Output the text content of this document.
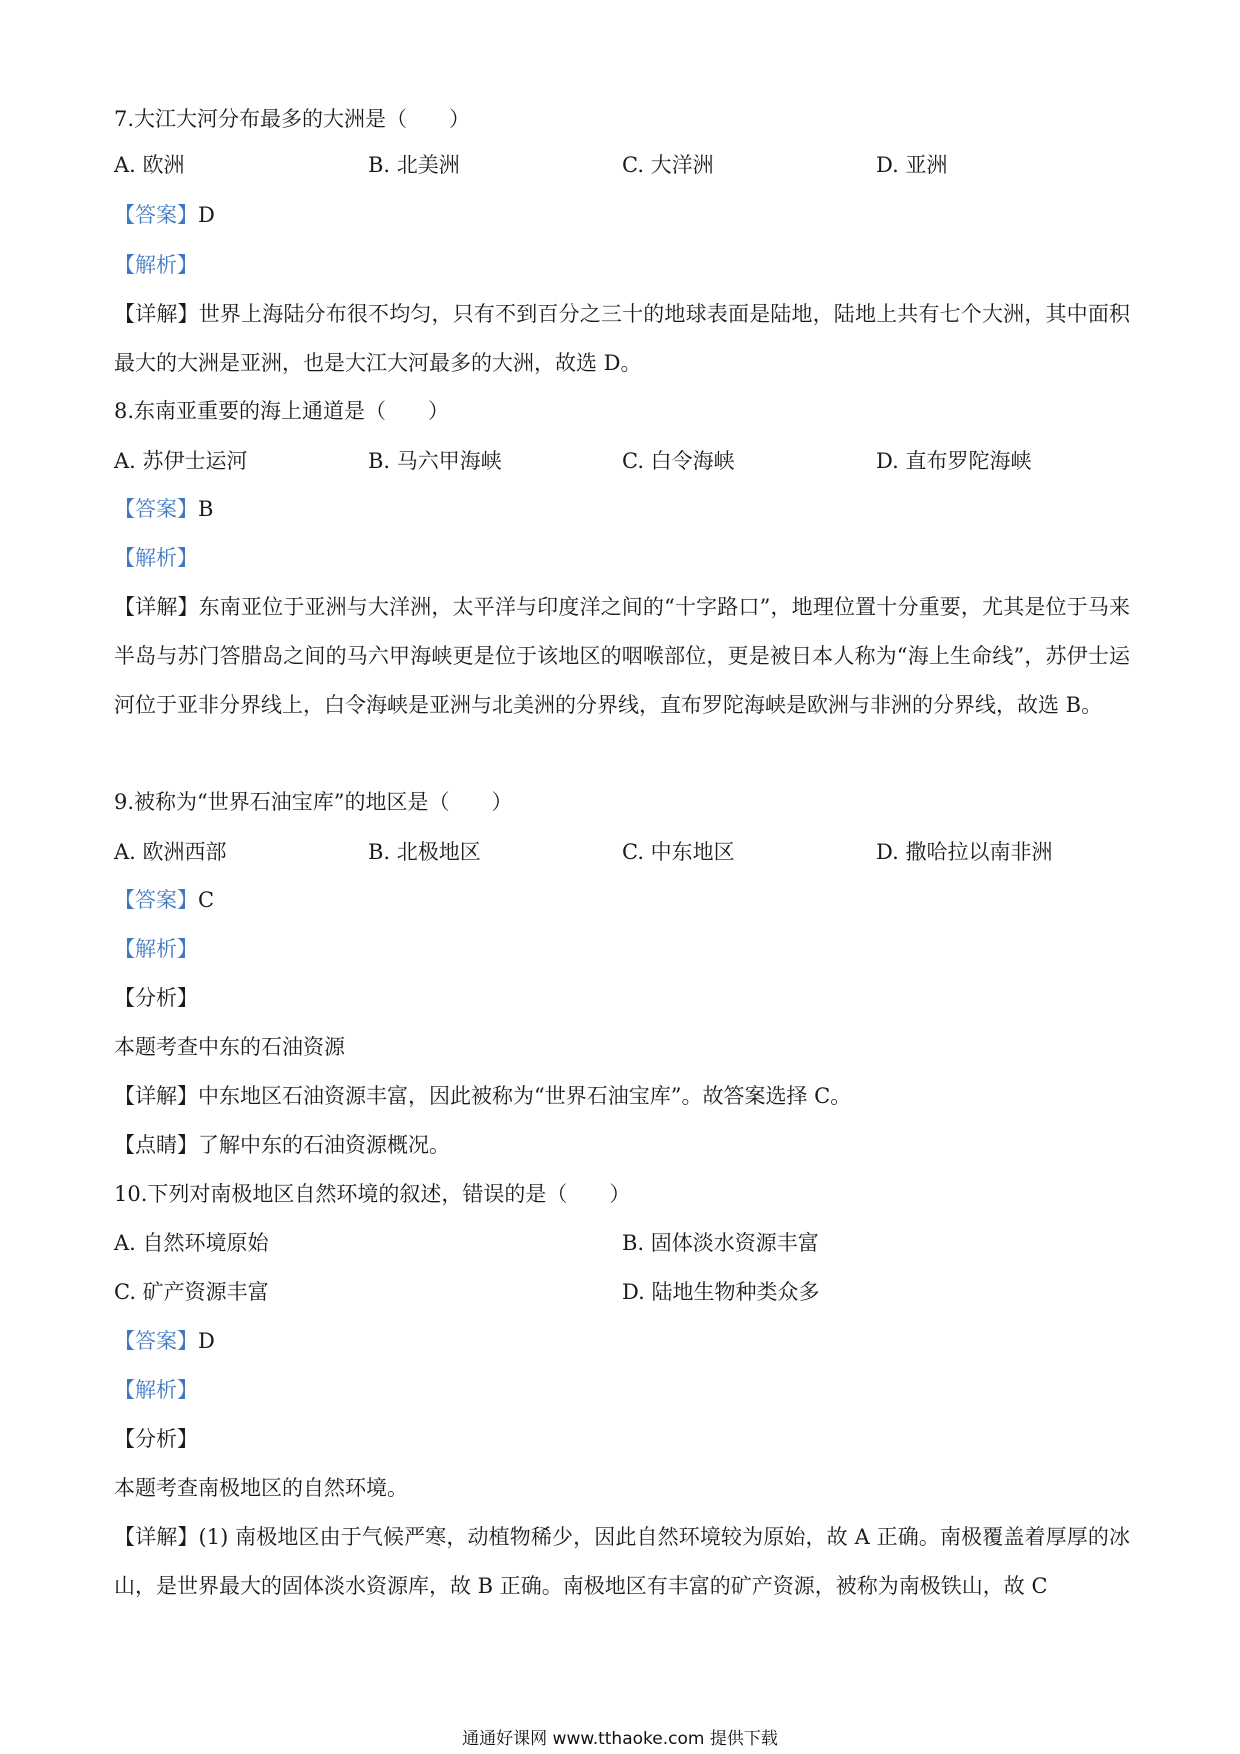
7.大江大河分布最多的大洲是（　　）
A. 欧洲	B. 北美洲	C. 大洋洲	D. 亚洲
【答案】D
【解析】
【详解】世界上海陆分布很不均匀，只有不到百分之三十的地球表面是陆地，陆地上共有七个大洲，其中面积最大的大洲是亚洲，也是大江大河最多的大洲，故选 D。
8.东南亚重要的海上通道是（　　）
A. 苏伊士运河	B. 马六甲海峡	C. 白令海峡	D. 直布罗陀海峡
【答案】B
【解析】
【详解】东南亚位于亚洲与大洋洲，太平洋与印度洋之间的“十字路口”，地理位置十分重要，尤其是位于马来半岛与苏门答腊岛之间的马六甲海峡更是位于该地区的咽喉部位，更是被日本人称为“海上生命线”，苏伊士运河位于亚非分界线上，白令海峡是亚洲与北美洲的分界线，直布罗陀海峡是欧洲与非洲的分界线，故选 B。
9.被称为“世界石油宝库”的地区是（　　）
A. 欧洲西部	B. 北极地区	C. 中东地区	D. 撒哈拉以南非洲
【答案】C
【解析】
【分析】
本题考查中东的石油资源
【详解】中东地区石油资源丰富，因此被称为“世界石油宝库”。故答案选择 C。
【点睛】了解中东的石油资源概况。
10.下列对南极地区自然环境的叙述，错误的是（　　）
A. 自然环境原始	B. 固体淡水资源丰富
C. 矿产资源丰富	D. 陆地生物种类众多
【答案】D
【解析】
【分析】
本题考查南极地区的自然环境。
【详解】(1) 南极地区由于气候严寒，动植物稀少，因此自然环境较为原始，故 A 正确。南极覆盖着厚厚的冰山，是世界最大的固体淡水资源库，故 B 正确。南极地区有丰富的矿产资源，被称为南极铁山，故 C
通通好课网 www.tthaoke.com 提供下载
